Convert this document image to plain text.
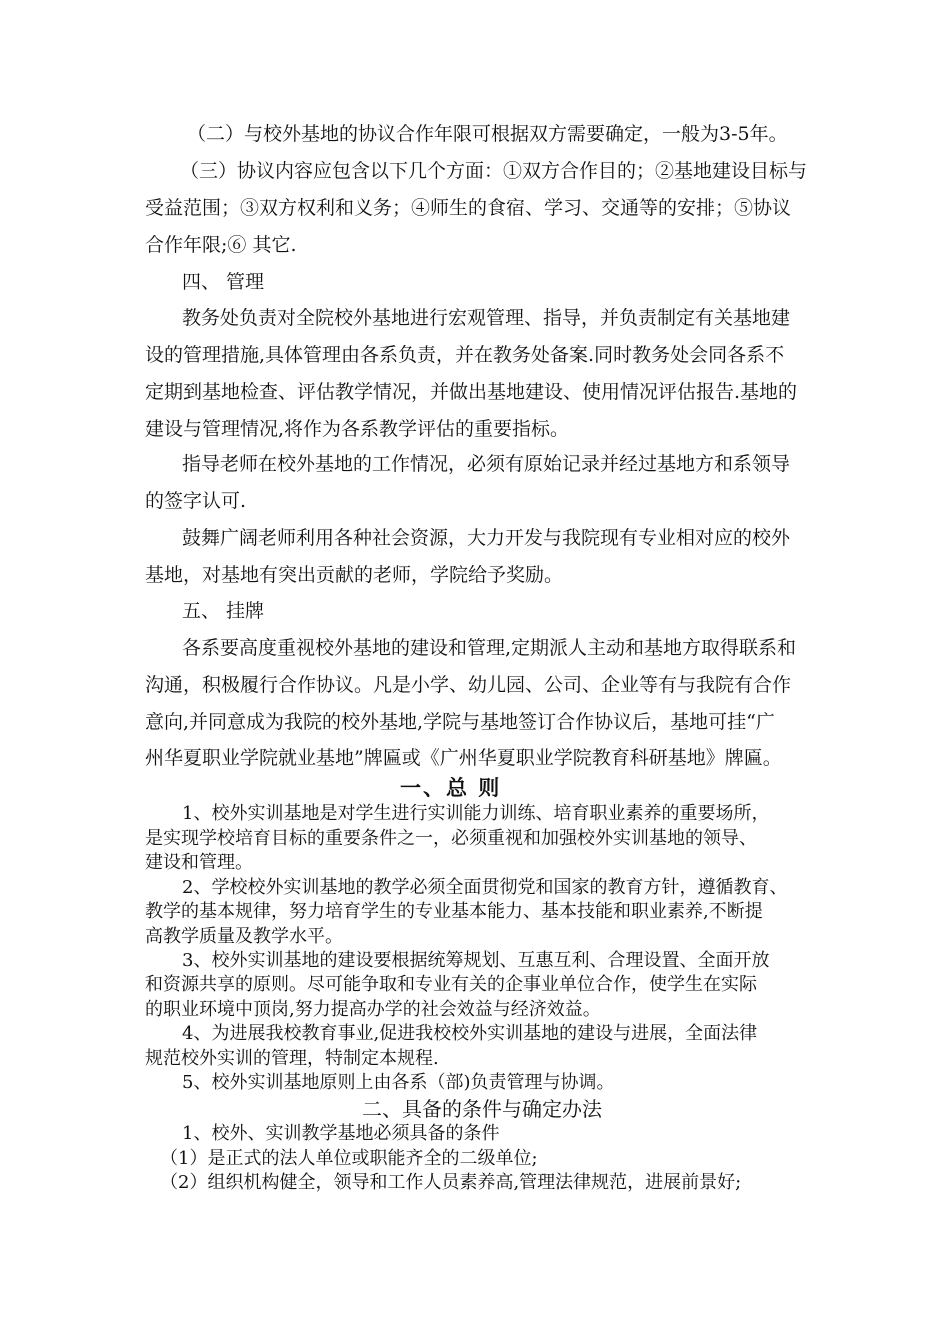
（二）与校外基地的协议合作年限可根据双方需要确定，一般为3-5年。
（三）协议内容应包含以下几个方面：①双方合作目的；②基地建设目标与
受益范围；③双方权利和义务；④师生的食宿、学习、交通等的安排；⑤协议
合作年限;⑥ 其它.
四、 管理
教务处负责对全院校外基地进行宏观管理、指导，并负责制定有关基地建
设的管理措施,具体管理由各系负责，并在教务处备案.同时教务处会同各系不
定期到基地检查、评估教学情况，并做出基地建设、使用情况评估报告.基地的
建设与管理情况,将作为各系教学评估的重要指标。
指导老师在校外基地的工作情况，必须有原始记录并经过基地方和系领导
的签字认可.
鼓舞广阔老师利用各种社会资源，大力开发与我院现有专业相对应的校外
基地，对基地有突出贡献的老师，学院给予奖励。
五、 挂牌
各系要高度重视校外基地的建设和管理,定期派人主动和基地方取得联系和
沟通，积极履行合作协议。凡是小学、幼儿园、公司、企业等有与我院有合作
意向,并同意成为我院的校外基地,学院与基地签订合作协议后，基地可挂“广
州华夏职业学院就业基地”牌匾或《广州华夏职业学院教育科研基地》牌匾。
一、总 则
1、校外实训基地是对学生进行实训能力训练、培育职业素养的重要场所，
是实现学校培育目标的重要条件之一，必须重视和加强校外实训基地的领导、
建设和管理。
2、学校校外实训基地的教学必须全面贯彻党和国家的教育方针，遵循教育、
教学的基本规律，努力培育学生的专业基本能力、基本技能和职业素养,不断提
高教学质量及教学水平。
3、校外实训基地的建设要根据统筹规划、互惠互利、合理设置、全面开放
和资源共享的原则。尽可能争取和专业有关的企事业单位合作，使学生在实际
的职业环境中顶岗,努力提高办学的社会效益与经济效益。
4、为进展我校教育事业,促进我校校外实训基地的建设与进展，全面法律
规范校外实训的管理，特制定本规程.
5、校外实训基地原则上由各系（部)负责管理与协调。
二、具备的条件与确定办法
1、校外、实训教学基地必须具备的条件
（1）是正式的法人单位或职能齐全的二级单位;
（2）组织机构健全，领导和工作人员素养高,管理法律规范，进展前景好;
